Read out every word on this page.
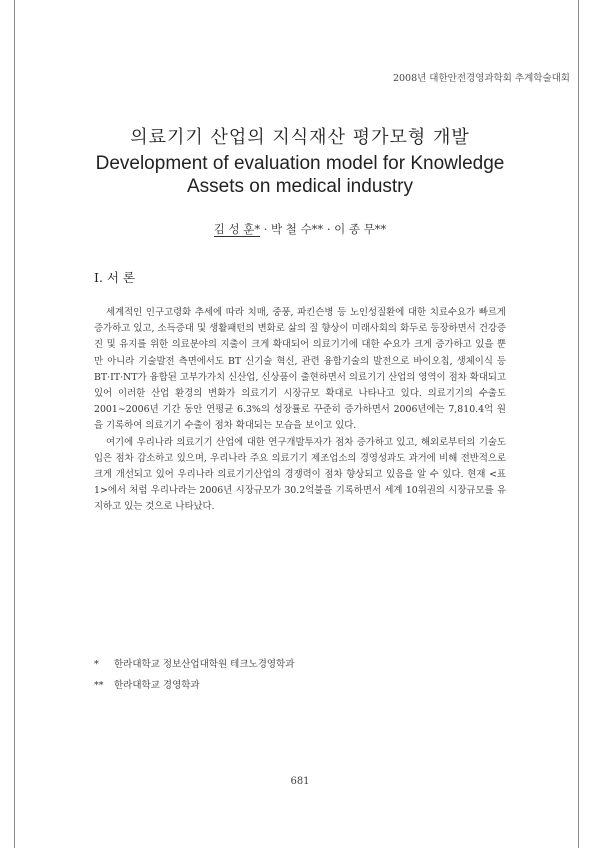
2008년 대한안전경영과학회 추계학술대회
의료기기 산업의 지식재산 평가모형 개발
Development of evaluation model for Knowledge
Assets on medical industry
김 성 훈* · 박 철 수** · 이 종 무**
I. 서 론

세계적인 인구고령화 추세에 따라 치매, 중풍, 파킨슨병 등 노인성질환에 대한 치료수요가 빠르게 증가하고 있고, 소득증대 및 생활패턴의 변화로 삶의 질 향상이 미래사회의 화두로 등장하면서 건강증진 및 유지를 위한 의료분야의 지출이 크게 확대되어 의료기기에 대한 수요가 크게 증가하고 있을 뿐만 아니라 기술발전 측면에서도 BT 신기술 혁신, 관련 융합기술의 발전으로 바이오칩, 생체이식 등 BT·IT·NT가 융합된 고부가가치 신산업, 신상품이 출현하면서 의료기기 산업의 영역이 점차 확대되고 있어 이러한 산업 환경의 변화가 의료기기 시장규모 확대로 나타나고 있다. 의료기기의 수출도 2001∼2006년 기간 동안 연평균 6.3%의 성장률로 꾸준히 증가하면서 2006년에는 7,810.4억 원을 기록하여 의료기기 수출이 점차 확대되는 모습을 보이고 있다.

여기에 우리나라 의료기기 산업에 대한 연구개발투자가 점차 증가하고 있고, 해외로부터의 기술도입은 점차 감소하고 있으며, 우리나라 주요 의료기기 제조업소의 경영성과도 과거에 비해 전반적으로 크게 개선되고 있어 우리나라 의료기기산업의 경쟁력이 점차 향상되고 있음을 알 수 있다. 현재 <표 1>에서 처럼 우리나라는 2006년 시장규모가 30.2억불을 기록하면서 세계 10위권의 시장규모를 유지하고 있는 것으로 나타났다.

* 한라대학교 정보산업대학원 테크노경영학과
** 한라대학교 경영학과
681
